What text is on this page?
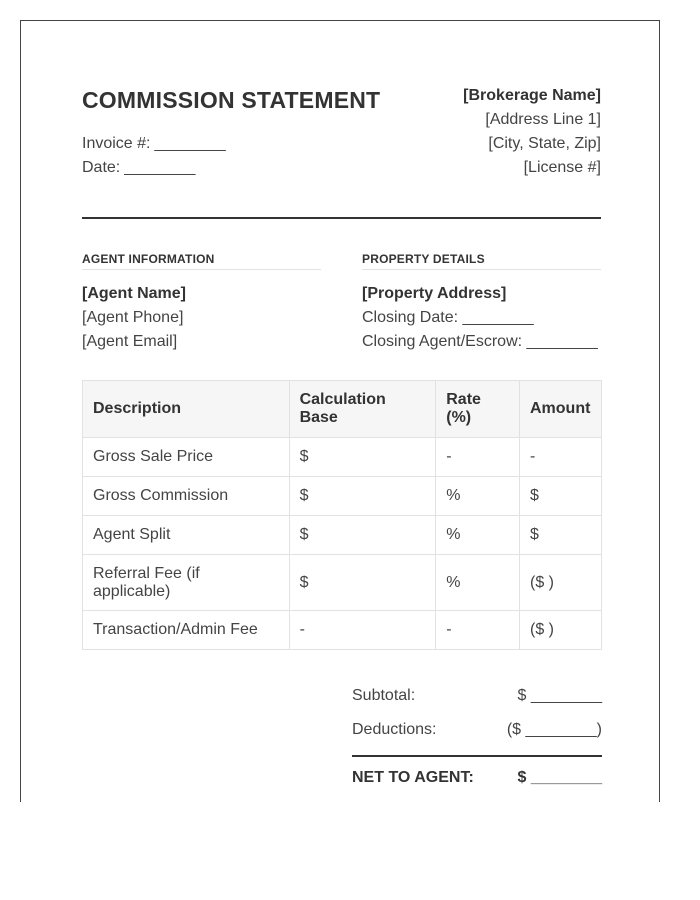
COMMISSION STATEMENT
Invoice #: ________
Date: ________
[Brokerage Name]
[Address Line 1]
[City, State, Zip]
[License #]
AGENT INFORMATION
[Agent Name]
[Agent Phone]
[Agent Email]
PROPERTY DETAILS
[Property Address]
Closing Date: ________
Closing Agent/Escrow: ________
Description	Calculation Base	Rate (%)	Amount
Gross Sale Price	$	-	-
Gross Commission	$	%	$
Agent Split	$	%	$
Referral Fee (if applicable)	$	%	($ )
Transaction/Admin Fee	-	-	($ )
Subtotal:	$ ________
Deductions:	($ ________)
NET TO AGENT:	$ ________
